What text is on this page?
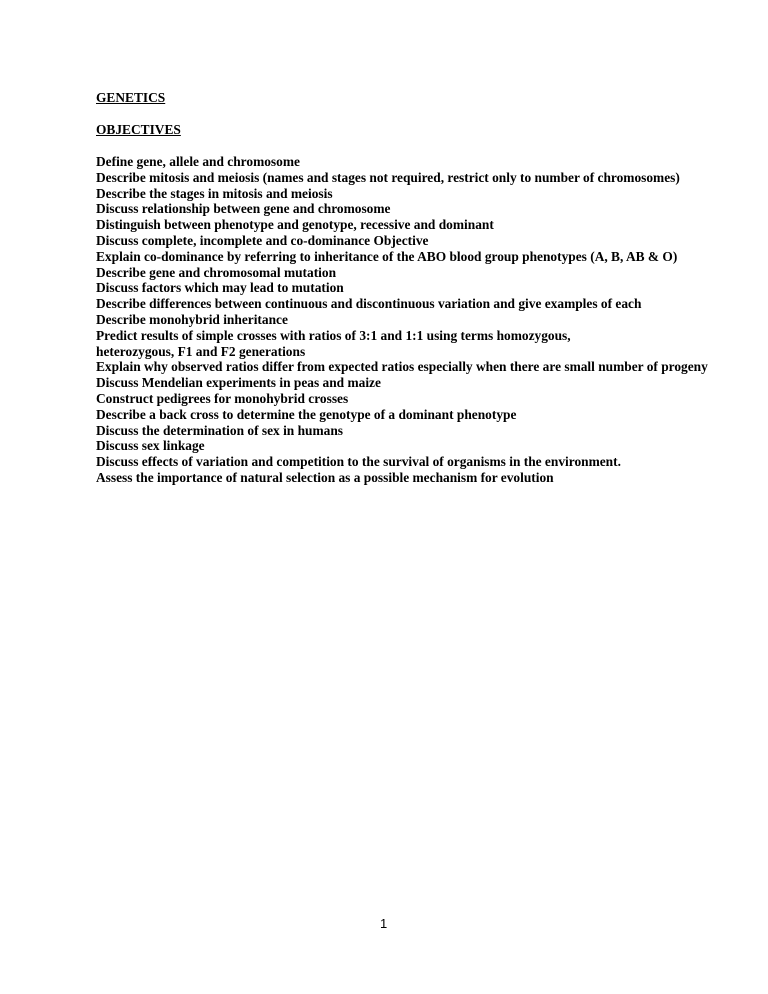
GENETICS
OBJECTIVES
Define gene, allele and chromosome
Describe mitosis and meiosis (names and stages not required, restrict only to number of chromosomes)
Describe the stages in mitosis and meiosis
Discuss relationship between gene and chromosome
Distinguish between phenotype and genotype, recessive and dominant
Discuss complete, incomplete and co-dominance Objective
Explain co-dominance by referring to inheritance of the ABO blood group phenotypes (A, B, AB & O)
Describe gene and chromosomal mutation
Discuss factors which may lead to mutation
Describe differences between continuous and discontinuous variation and give examples of each
Describe monohybrid inheritance
Predict results of simple crosses with ratios of 3:1 and 1:1 using terms homozygous,
heterozygous, F1 and F2 generations
Explain why observed ratios differ from expected ratios especially when there are small number of progeny
Discuss Mendelian experiments in peas and maize
Construct pedigrees for monohybrid crosses
Describe a back cross to determine the genotype of a dominant phenotype
Discuss the determination of sex in humans
Discuss sex linkage
Discuss effects of variation and competition to the survival of organisms in the environment.
Assess the importance of natural selection as a possible mechanism for evolution
1
